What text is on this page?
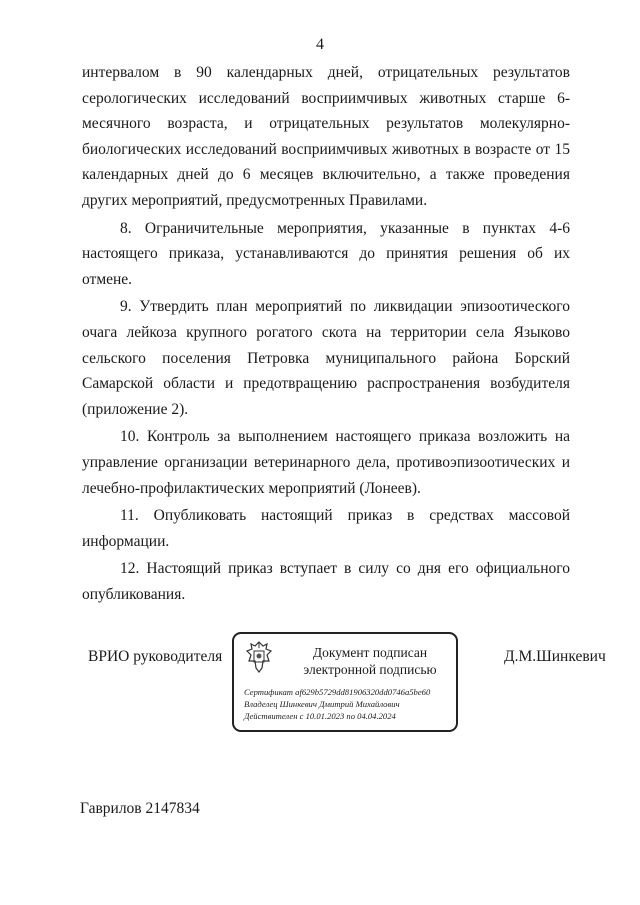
4

интервалом в 90 календарных дней, отрицательных результатов серологических исследований восприимчивых животных старше 6-месячного возраста, и отрицательных результатов молекулярно-биологических исследований восприимчивых животных в возрасте от 15 календарных дней до 6 месяцев включительно, а также проведения других мероприятий, предусмотренных Правилами.

8. Ограничительные мероприятия, указанные в пунктах 4-6 настоящего приказа, устанавливаются до принятия решения об их отмене.

9. Утвердить план мероприятий по ликвидации эпизоотического очага лейкоза крупного рогатого скота на территории села Языково сельского поселения Петровка муниципального района Борский Самарской области и предотвращению распространения возбудителя (приложение 2).

10. Контроль за выполнением настоящего приказа возложить на управление организации ветеринарного дела, противоэпизоотических и лечебно-профилактических мероприятий (Лонеев).

11. Опубликовать настоящий приказ в средствах массовой информации.

12. Настоящий приказ вступает в силу со дня его официального опубликования.

ВРИО руководителя	Документ подписан
электронной подписью
Сертификат af629b5729dd81906320dd0746a5be60
Владелец Шинкевич Дмитрий Михайлович
Действителен с 10.01.2023 по 04.04.2024
Д.М.Шинкевич
Гаврилов 2147834
